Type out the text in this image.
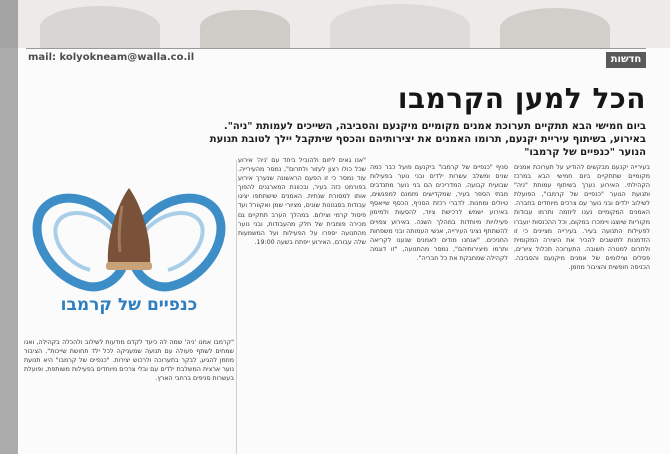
mail: kolyokneam@walla.co.il	חדשות
הכל למען הקרמבו
ביום חמישי הבא תתקיים תערוכת אמנים מקומיים מיקנעם והסביבה, השייכים לעמותת "ניה". באירוע, בשיתוף עיריית יקנעם, תרומו האמנים את יצירותיהם והכסף שיתקבל יילך לטובת תנועת הנוער "כנפיים של קרמבו"
בעירייה יקנעם מבקשים להודיע על תערוכת אמנים מקומיים שתתקיים ביום חמישי הבא במרכז הקהילתי. האירוע נערך בשיתוף עמותת "ניה" ותנועת הנוער "כנפיים של קרמבו", הפועלת לשילוב ילדים ובני נוער עם צרכים מיוחדים בחברה. האמנים המקומיים נענו ליוזמה ותרמו עבודות מקוריות שיוצגו ויימכרו במקום, וכל ההכנסות יועברו לפעילות התנועה בעיר. בעירייה מציינים כי זו הזדמנות לתושבים להכיר את היצירה המקומית ולתרום למטרה חשובה. התערוכה תכלול ציורים, פסלים וצילומים של אמנים מיקנעם והסביבה. הכניסה חופשית והציבור מוזמן.
סניף "כנפיים של קרמבו" ביקנעם פועל כבר כמה שנים ומשלב עשרות ילדים ובני נוער בפעילות שבועית קבועה. המדריכים הם בני נוער מתנדבים מבתי הספר בעיר, שמקדישים מזמנם למפגשים, טיולים ומחנות. לדברי רכזת הסניף, הכסף שייאסף באירוע ישמש לרכישת ציוד, להסעות ולמימון פעילויות מיוחדות במהלך השנה. באירוע צפויים להשתתף נציגי העירייה, אנשי העמותה ובני משפחות החניכים. "אנחנו מודים לאמנים שנענו לקריאה ותרמו מיצירותיהם", נמסר מהתנועה, "זו דוגמה לקהילה שמחבקת את כל חבריה".
"אנו גאים ליזום ולהוביל ביחד עם 'ניה' אירוע שכל כולו רצון לעזור ולתרום", נמסר מהעירייה. עוד נמסר כי זו הפעם הראשונה שנערך אירוע בפורמט כזה בעיר, ובכוונת המארגנים להפוך אותו למסורת שנתית. האמנים שישתתפו יציגו עבודות בסגנונות שונים, מציורי שמן ואקוורל ועד פיסול קרמי וצילום. במהלך הערב תתקיים גם מכירה פומבית של חלק מהעבודות, ובני נוער מהתנועה יספרו על הפעילות ועל המשמעות שלה עבורם. האירוע ייפתח בשעה 19:00.
כנפיים של קרמבו
"קרמבו אמנו 'ניה' שמה לה כיעד לקדם מודעות לשילוב ולהכלה בקהילה, ואנו שמחים לשתף פעולה עם תנועה שמעניקה לכל ילד תחושת שייכות". הציבור מוזמן להגיע, לבקר בתערוכה ולרכוש יצירות. "כנפיים של קרמבו" היא תנועת נוער ארצית המשלבת ילדים עם ובלי צרכים מיוחדים בפעילות משותפת, ופועלת בעשרות סניפים ברחבי הארץ.
